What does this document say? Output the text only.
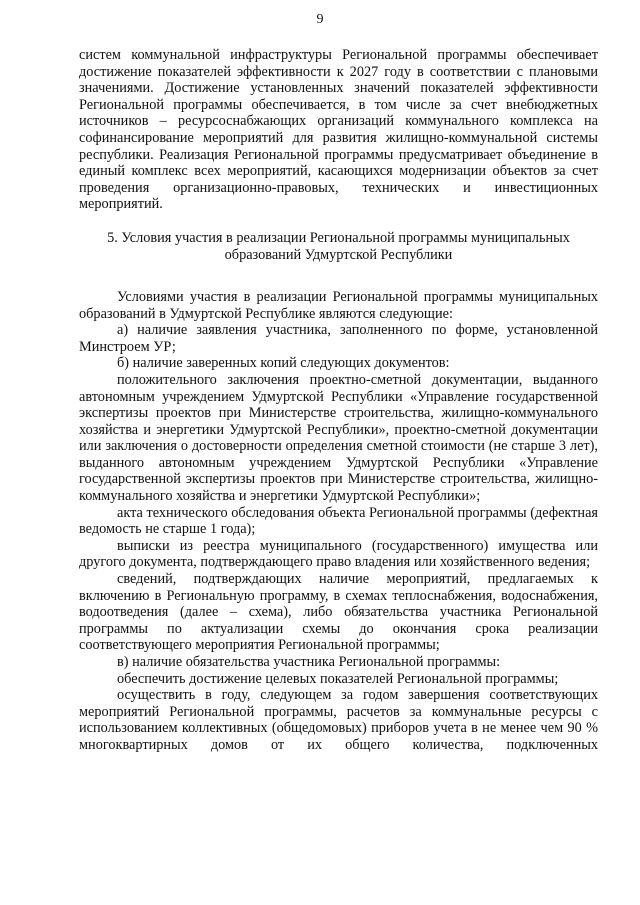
9

систем коммунальной инфраструктуры Региональной программы обеспечивает достижение показателей эффективности к 2027 году в соответствии с плановыми значениями. Достижение установленных значений показателей эффективности Региональной программы обеспечивается, в том числе за счет внебюджетных источников – ресурсоснабжающих организаций коммунального комплекса на софинансирование мероприятий для развития жилищно-коммунальной системы республики. Реализация Региональной программы предусматривает объединение в единый комплекс всех мероприятий, касающихся модернизации объектов за счет проведения организационно-правовых, технических и инвестиционных мероприятий.

5. Условия участия в реализации Региональной программы муниципальных
образований Удмуртской Республики

Условиями участия в реализации Региональной программы муниципальных образований в Удмуртской Республике являются следующие:

а) наличие заявления участника, заполненного по форме, установленной Минстроем УР;

б) наличие заверенных копий следующих документов:

положительного заключения проектно-сметной документации, выданного автономным учреждением Удмуртской Республики «Управление государственной экспертизы проектов при Министерстве строительства, жилищно-коммунального хозяйства и энергетики Удмуртской Республики», проектно-сметной документации или заключения о достоверности определения сметной стоимости (не старше 3 лет), выданного автономным учреждением Удмуртской Республики «Управление государственной экспертизы проектов при Министерстве строительства, жилищно-коммунального хозяйства и энергетики Удмуртской Республики»;

акта технического обследования объекта Региональной программы (дефектная ведомость не старше 1 года);

выписки из реестра муниципального (государственного) имущества или другого документа, подтверждающего право владения или хозяйственного ведения;

сведений, подтверждающих наличие мероприятий, предлагаемых к включению в Региональную программу, в схемах теплоснабжения, водоснабжения, водоотведения (далее – схема), либо обязательства участника Региональной программы по актуализации схемы до окончания срока реализации соответствующего мероприятия Региональной программы;

в) наличие обязательства участника Региональной программы:

обеспечить достижение целевых показателей Региональной программы;

осуществить в году, следующем за годом завершения соответствующих мероприятий Региональной программы, расчетов за коммунальные ресурсы с использованием коллективных (общедомовых) приборов учета в не менее чем 90 % многоквартирных домов от их общего количества, подключенных
